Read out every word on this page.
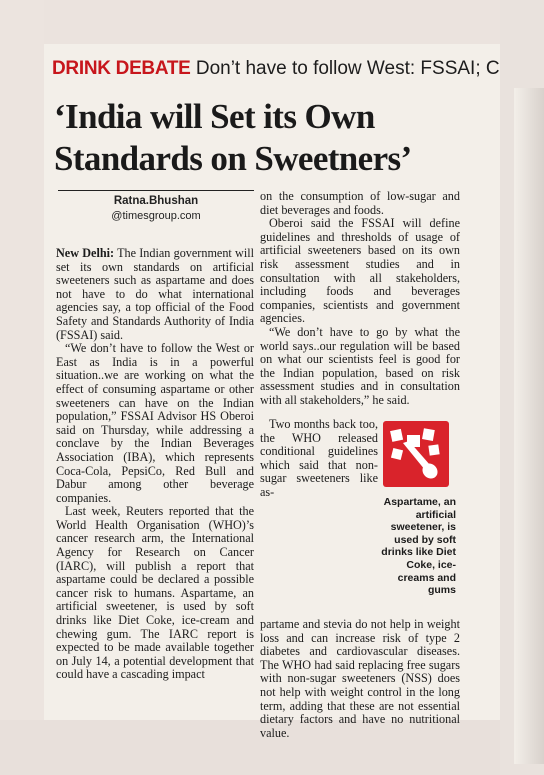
DRINK DEBATE Don’t have to follow West: FSSAI; C
‘India will Set its Own Standards on Sweetners’
Ratna.Bhushan
@timesgroup.com

New Delhi: The Indian government will set its own standards on artificial sweeteners such as aspartame and does not have to do what international agencies say, a top official of the Food Safety and Standards Authority of India (FSSAI) said.

“We don’t have to follow the West or East as India is in a powerful situation..we are working on what the effect of consuming aspartame or other sweeteners can have on the Indian population,” FSSAI Advisor HS Oberoi said on Thursday, while addressing a conclave by the Indian Beverages Association (IBA), which represents Coca-Cola, PepsiCo, Red Bull and Dabur among other beverage companies.

Last week, Reuters reported that the World Health Organisation (WHO)’s cancer research arm, the International Agency for Research on Cancer (IARC), will publish a report that aspartame could be declared a possible cancer risk to humans. Aspartame, an artificial sweetener, is used by soft drinks like Diet Coke, ice-cream and chewing gum. The IARC report is expected to be made available together on July 14, a potential development that could have a cascading impact

on the consumption of low-sugar and diet beverages and foods.

Oberoi said the FSSAI will define guidelines and thresholds of usage of artificial sweeteners based on its own risk assessment studies and in consultation with all stakeholders, including foods and beverages companies, scientists and government agencies.

“We don’t have to go by what the world says..our regulation will be based on what our scientists feel is good for the Indian population, based on risk assessment studies and in consultation with all stakeholders,” he said.

Two months back too, the WHO released conditional guidelines which said that non-sugar sweeteners like as-

partame and stevia do not help in weight loss and can increase risk of type 2 diabetes and cardiovascular diseases. The WHO had said replacing free sugars with non-sugar sweeteners (NSS) does not help with weight control in the long term, adding that these are not essential dietary factors and have no nutritional value.

Aspartame, an artificial sweetener, is used by soft drinks like Diet Coke, ice-creams and gums
